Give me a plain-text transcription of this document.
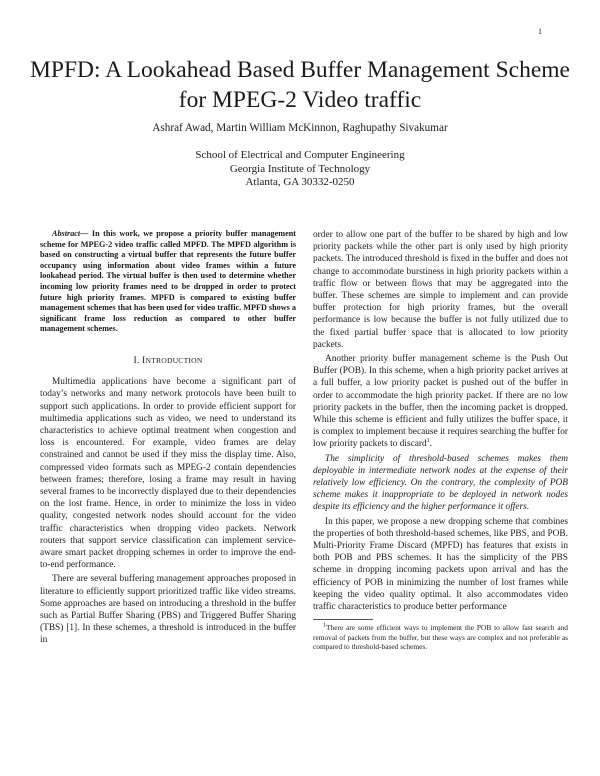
1
MPFD: A Lookahead Based Buffer Management Scheme for MPEG-2 Video traffic
Ashraf Awad, Martin William McKinnon, Raghupathy Sivakumar
School of Electrical and Computer Engineering
Georgia Institute of Technology
Atlanta, GA 30332-0250

Abstract— In this work, we propose a priority buffer management scheme for MPEG-2 video traffic called MPFD. The MPFD algorithm is based on constructing a virtual buffer that represents the future buffer occupancy using information about video frames within a future lookahead period. The virtual buffer is then used to determine whether incoming low priority frames need to be dropped in order to protect future high priority frames. MPFD is compared to existing buffer management schemes that has been used for video traffic. MPFD shows a significant frame loss reduction as compared to other buffer management schemes.

I. INTRODUCTION

Multimedia applications have become a significant part of today’s networks and many network protocols have been built to support such applications. In order to provide efficient support for multimedia applications such as video, we need to understand its characteristics to achieve optimal treatment when congestion and loss is encountered. For example, video frames are delay constrained and cannot be used if they miss the display time. Also, compressed video formats such as MPEG-2 contain dependencies between frames; therefore, losing a frame may result in having several frames to be incorrectly displayed due to their dependencies on the lost frame. Hence, in order to minimize the loss in video quality, congested network nodes should account for the video traffic characteristics when dropping video packets. Network routers that support service classification can implement service-aware smart packet dropping schemes in order to improve the end-to-end performance.

There are several buffering management approaches proposed in literature to efficiently support prioritized traffic like video streams. Some approaches are based on introducing a threshold in the buffer such as Partial Buffer Sharing (PBS) and Triggered Buffer Sharing (TBS) [1]. In these schemes, a threshold is introduced in the buffer in

order to allow one part of the buffer to be shared by high and low priority packets while the other part is only used by high priority packets. The introduced threshold is fixed in the buffer and does not change to accommodate burstiness in high priority packets within a traffic flow or between flows that may be aggregated into the buffer. These schemes are simple to implement and can provide buffer protection for high priority frames, but the overall performance is low because the buffer is not fully utilized due to the fixed partial buffer space that is allocated to low priority packets.

Another priority buffer management scheme is the Push Out Buffer (POB). In this scheme, when a high priority packet arrives at a full buffer, a low priority packet is pushed out of the buffer in order to accommodate the high priority packet. If there are no low priority packets in the buffer, then the incoming packet is dropped. While this scheme is efficient and fully utilizes the buffer space, it is complex to implement because it requires searching the buffer for low priority packets to discard$^1$.

The simplicity of threshold-based schemes makes them deployable in intermediate network nodes at the expense of their relatively low efficiency. On the contrary, the complexity of POB scheme makes it inappropriate to be deployed in network nodes despite its efficiency and the higher performance it offers.

In this paper, we propose a new dropping scheme that combines the properties of both threshold-based schemes, like PBS, and POB. Multi-Priority Frame Discard (MPFD) has features that exists in both POB and PBS schemes. It has the simplicity of the PBS scheme in dropping incoming packets upon arrival and has the efficiency of POB in minimizing the number of lost frames while keeping the video quality optimal. It also accommodates video traffic characteristics to produce better performance

$^1$There are some efficient ways to implement the POB to allow fast search and removal of packets from the buffer, but these ways are complex and not preferable as compared to threshold-based schemes.
